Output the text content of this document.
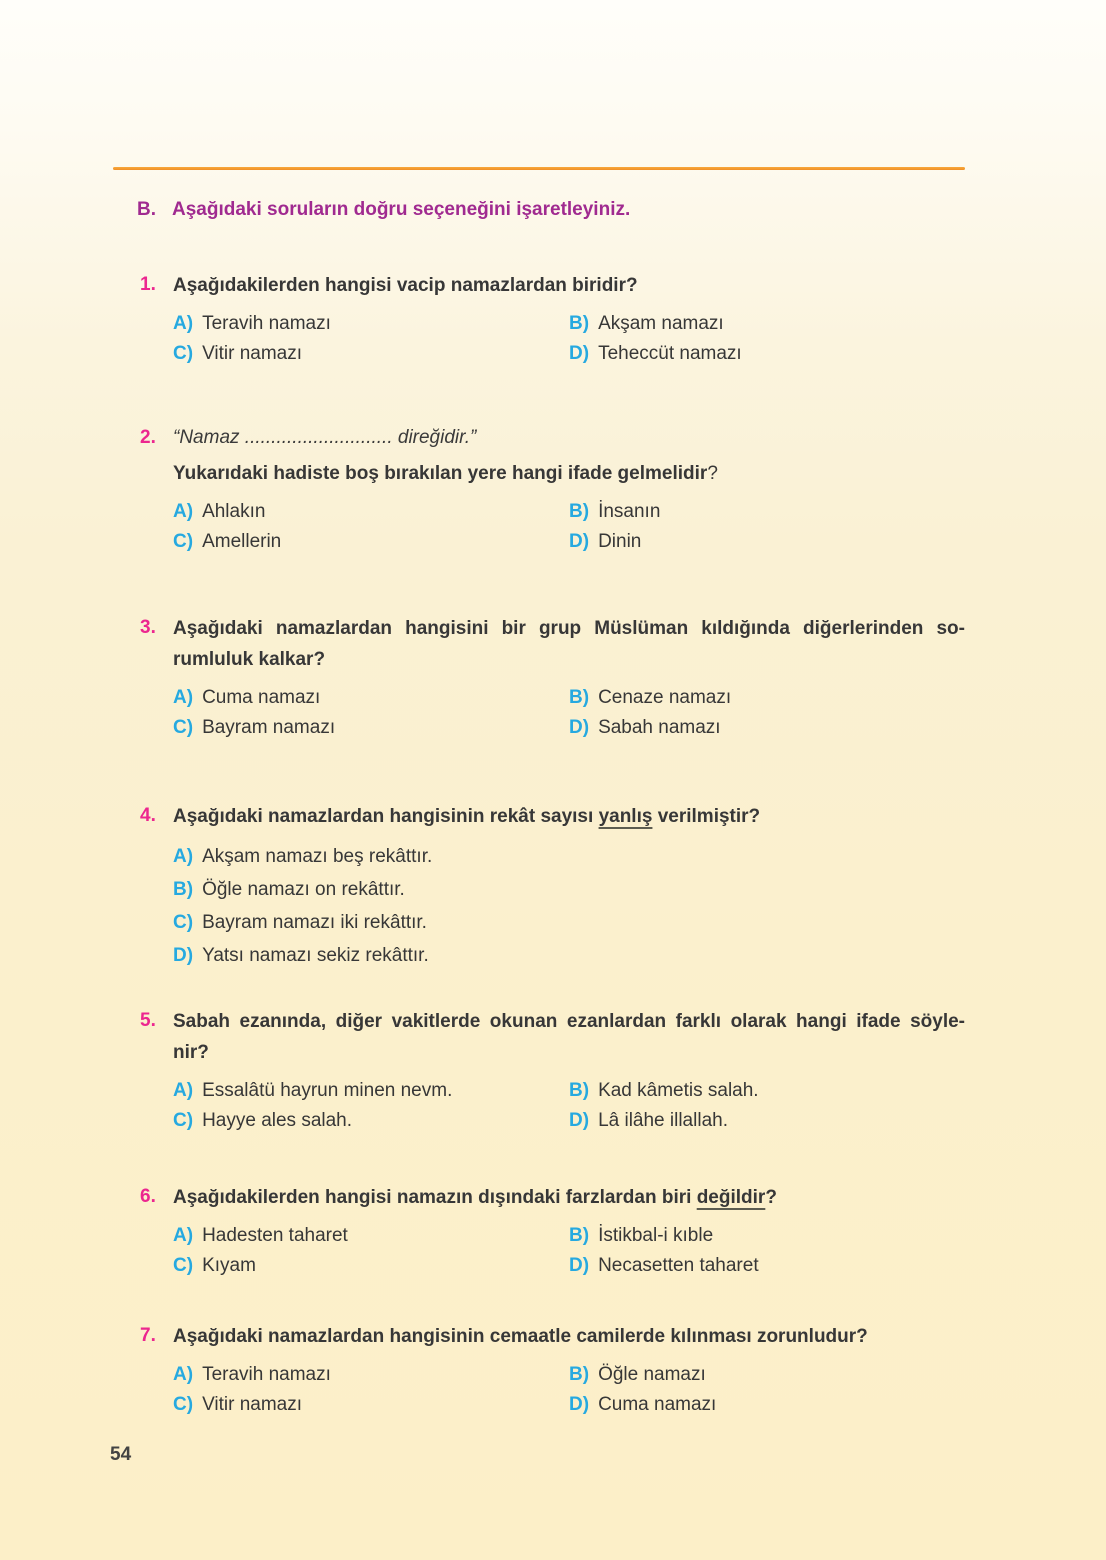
B. Aşağıdaki soruların doğru seçeneğini işaretleyiniz.
1. Aşağıdakilerden hangisi vacip namazlardan biridir?
A) Teravih namazı	B) Akşam namazı
C) Vitir namazı	D) Teheccüt namazı
2. “Namaz ............................ direğidir.”
Yukarıdaki hadiste boş bırakılan yere hangi ifade gelmelidir?
A) Ahlakın	B) İnsanın
C) Amellerin	D) Dinin
3. Aşağıdaki namazlardan hangisini bir grup Müslüman kıldığında diğerlerinden so-
rumluluk kalkar?
A) Cuma namazı	B) Cenaze namazı
C) Bayram namazı	D) Sabah namazı
4. Aşağıdaki namazlardan hangisinin rekât sayısı yanlış verilmiştir?
A) Akşam namazı beş rekâttır.
B) Öğle namazı on rekâttır.
C) Bayram namazı iki rekâttır.
D) Yatsı namazı sekiz rekâttır.
5. Sabah ezanında, diğer vakitlerde okunan ezanlardan farklı olarak hangi ifade söyle-
nir?
A) Essalâtü hayrun minen nevm.	B) Kad kâmetis salah.
C) Hayye ales salah.	D) Lâ ilâhe illallah.
6. Aşağıdakilerden hangisi namazın dışındaki farzlardan biri değildir?
A) Hadesten taharet	B) İstikbal-i kıble
C) Kıyam	D) Necasetten taharet
7. Aşağıdaki namazlardan hangisinin cemaatle camilerde kılınması zorunludur?
A) Teravih namazı	B) Öğle namazı
C) Vitir namazı	D) Cuma namazı
54
